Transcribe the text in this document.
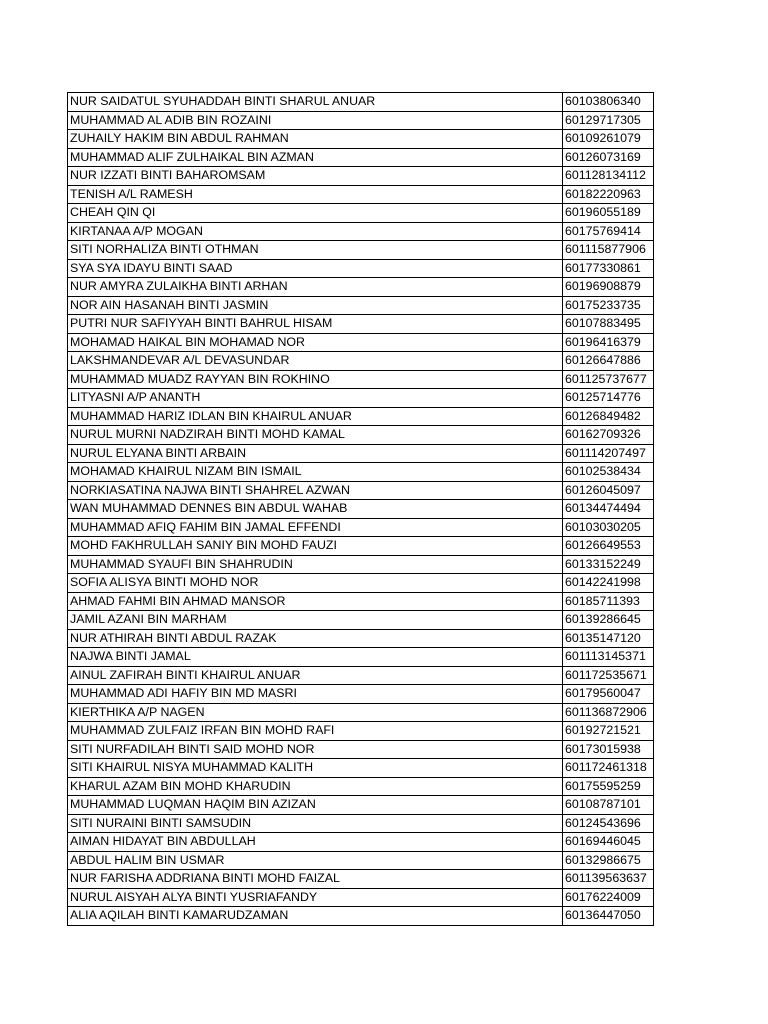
NUR SAIDATUL SYUHADDAH BINTI SHARUL ANUAR	60103806340
MUHAMMAD AL ADIB BIN ROZAINI	60129717305
ZUHAILY HAKIM BIN ABDUL RAHMAN	60109261079
MUHAMMAD ALIF ZULHAIKAL BIN AZMAN	60126073169
NUR IZZATI BINTI BAHAROMSAM	601128134112
TENISH A/L RAMESH	60182220963
CHEAH QIN QI	60196055189
KIRTANAA A/P MOGAN	60175769414
SITI NORHALIZA BINTI OTHMAN	601115877906
SYA SYA IDAYU BINTI SAAD	60177330861
NUR AMYRA ZULAIKHA BINTI ARHAN	60196908879
NOR AIN HASANAH BINTI JASMIN	60175233735
PUTRI NUR SAFIYYAH BINTI BAHRUL HISAM	60107883495
MOHAMAD HAIKAL BIN MOHAMAD NOR	60196416379
LAKSHMANDEVAR A/L DEVASUNDAR	60126647886
MUHAMMAD MUADZ RAYYAN BIN ROKHINO	601125737677
LITYASNI A/P ANANTH	60125714776
MUHAMMAD HARIZ IDLAN BIN KHAIRUL ANUAR	60126849482
NURUL MURNI NADZIRAH BINTI MOHD KAMAL	60162709326
NURUL ELYANA BINTI ARBAIN	601114207497
MOHAMAD KHAIRUL NIZAM BIN ISMAIL	60102538434
NORKIASATINA NAJWA BINTI SHAHREL AZWAN	60126045097
WAN MUHAMMAD DENNES BIN ABDUL WAHAB	60134474494
MUHAMMAD AFIQ FAHIM BIN JAMAL EFFENDI	60103030205
MOHD FAKHRULLAH SANIY BIN MOHD FAUZI	60126649553
MUHAMMAD SYAUFI BIN SHAHRUDIN	60133152249
SOFIA ALISYA BINTI MOHD NOR	60142241998
AHMAD FAHMI BIN AHMAD MANSOR	60185711393
JAMIL AZANI BIN MARHAM	60139286645
NUR ATHIRAH BINTI ABDUL RAZAK	60135147120
NAJWA BINTI JAMAL	601113145371
AINUL ZAFIRAH BINTI KHAIRUL ANUAR	601172535671
MUHAMMAD ADI HAFIY BIN MD MASRI	60179560047
KIERTHIKA A/P NAGEN	601136872906
MUHAMMAD ZULFAIZ IRFAN BIN MOHD RAFI	60192721521
SITI NURFADILAH BINTI SAID MOHD NOR	60173015938
SITI KHAIRUL NISYA MUHAMMAD KALITH	601172461318
KHARUL AZAM BIN MOHD KHARUDIN	60175595259
MUHAMMAD LUQMAN HAQIM BIN AZIZAN	60108787101
SITI NURAINI BINTI SAMSUDIN	60124543696
AIMAN HIDAYAT BIN ABDULLAH	60169446045
ABDUL HALIM BIN USMAR	60132986675
NUR FARISHA ADDRIANA BINTI MOHD FAIZAL	601139563637
NURUL AISYAH ALYA BINTI YUSRIAFANDY	60176224009
ALIA AQILAH BINTI KAMARUDZAMAN	60136447050
